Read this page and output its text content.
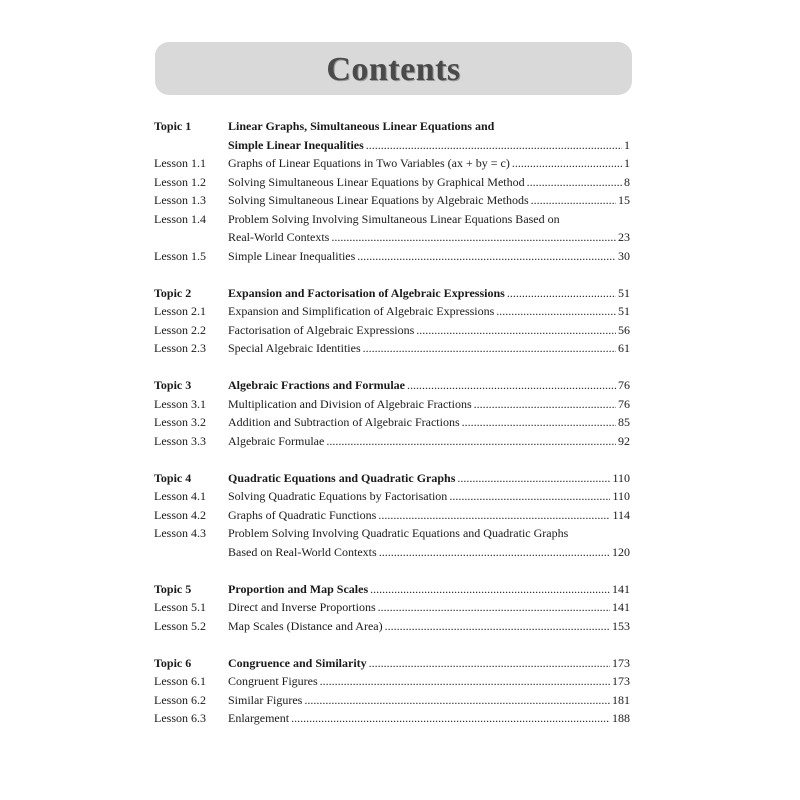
Contents
Topic 1	Linear Graphs, Simultaneous Linear Equations and
Simple Linear Inequalities .....	1
Lesson 1.1	Graphs of Linear Equations in Two Variables (ax + by = c) .....	1
Lesson 1.2	Solving Simultaneous Linear Equations by Graphical Method .....	8
Lesson 1.3	Solving Simultaneous Linear Equations by Algebraic Methods .....	15
Lesson 1.4	Problem Solving Involving Simultaneous Linear Equations Based on
Real-World Contexts .....	23
Lesson 1.5	Simple Linear Inequalities .....	30
Topic 2	Expansion and Factorisation of Algebraic Expressions .....	51
Lesson 2.1	Expansion and Simplification of Algebraic Expressions .....	51
Lesson 2.2	Factorisation of Algebraic Expressions .....	56
Lesson 2.3	Special Algebraic Identities .....	61
Topic 3	Algebraic Fractions and Formulae .....	76
Lesson 3.1	Multiplication and Division of Algebraic Fractions .....	76
Lesson 3.2	Addition and Subtraction of Algebraic Fractions .....	85
Lesson 3.3	Algebraic Formulae .....	92
Topic 4	Quadratic Equations and Quadratic Graphs .....	110
Lesson 4.1	Solving Quadratic Equations by Factorisation .....	110
Lesson 4.2	Graphs of Quadratic Functions .....	114
Lesson 4.3	Problem Solving Involving Quadratic Equations and Quadratic Graphs
Based on Real-World Contexts .....	120
Topic 5	Proportion and Map Scales .....	141
Lesson 5.1	Direct and Inverse Proportions .....	141
Lesson 5.2	Map Scales (Distance and Area) .....	153
Topic 6	Congruence and Similarity .....	173
Lesson 6.1	Congruent Figures .....	173
Lesson 6.2	Similar Figures .....	181
Lesson 6.3	Enlargement .....	188
